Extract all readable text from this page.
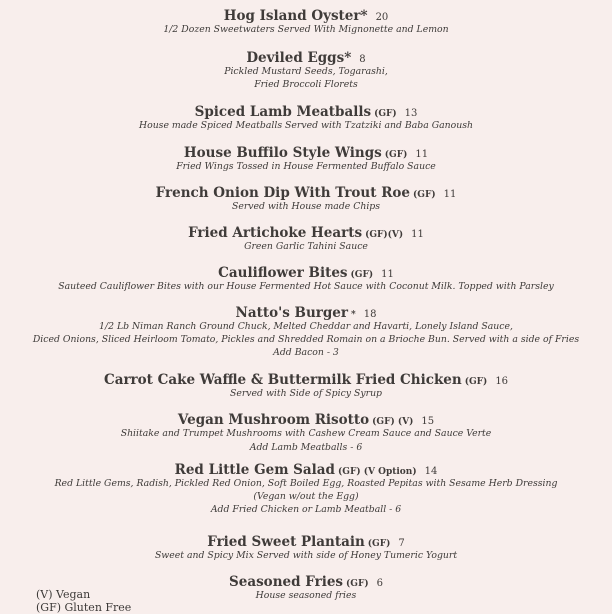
Hog Island Oyster* 20
1/2 Dozen Sweetwaters Served With Mignonette and Lemon
Deviled Eggs* 8
Pickled Mustard Seeds, Togarashi,
Fried Broccoli Florets
Spiced Lamb Meatballs (GF) 13
House made Spiced Meatballs Served with Tzatziki and Baba Ganoush
House Buffilo Style Wings (GF) 11
Fried Wings Tossed in House Fermented Buffalo Sauce
French Onion Dip With Trout Roe (GF) 11
Served with House made Chips
Fried Artichoke Hearts (GF)(V) 11
Green Garlic Tahini Sauce
Cauliflower Bites (GF) 11
Sauteed Cauliflower Bites with our House Fermented Hot Sauce with Coconut Milk. Topped with Parsley
Natto's Burger * 18
1/2 Lb Niman Ranch Ground Chuck, Melted Cheddar and Havarti, Lonely Island Sauce,
Diced Onions, Sliced Heirloom Tomato, Pickles and Shredded Romain on a Brioche Bun. Served with a side of Fries
Add Bacon - 3
Carrot Cake Waffle & Buttermilk Fried Chicken (GF) 16
Served with Side of Spicy Syrup
Vegan Mushroom Risotto (GF) (V) 15
Shiitake and Trumpet Mushrooms with Cashew Cream Sauce and Sauce Verte
Add Lamb Meatballs - 6
Red Little Gem Salad (GF) (V Option) 14
Red Little Gems, Radish, Pickled Red Onion, Soft Boiled Egg, Roasted Pepitas with Sesame Herb Dressing
(Vegan w/out the Egg)
Add Fried Chicken or Lamb Meatball - 6
Fried Sweet Plantain (GF) 7
Sweet and Spicy Mix Served with side of Honey Tumeric Yogurt
Seasoned Fries (GF) 6
House seasoned fries
(V) Vegan
(GF) Gluten Free
